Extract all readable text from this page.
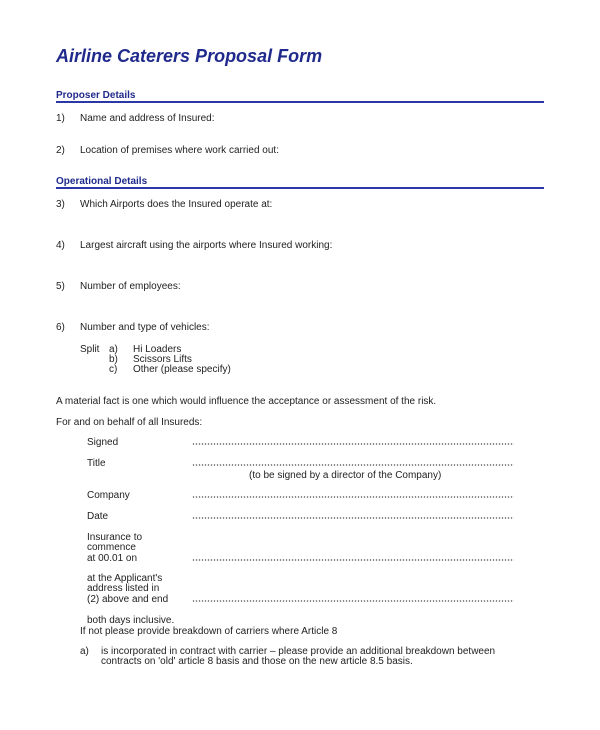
Airline Caterers Proposal Form
Proposer Details
1) Name and address of Insured:
2) Location of premises where work carried out:
Operational Details
3) Which Airports does the Insured operate at:
4) Largest aircraft using the airports where Insured working:
5) Number of employees:
6) Number and type of vehicles:
Split a) Hi Loaders
b) Scissors Lifts
c) Other (please specify)
A material fact is one which would influence the acceptance or assessment of the risk.
For and on behalf of all Insureds:
Signed
Title
(to be signed by a director of the Company)
Company
Date
Insurance to
commence
at 00.01 on
at the Applicant's
address listed in
(2) above and end
both days inclusive.
If not please provide breakdown of carriers where Article 8
a) is incorporated in contract with carrier – please provide an additional breakdown between
contracts on 'old' article 8 basis and those on the new article 8.5 basis.
